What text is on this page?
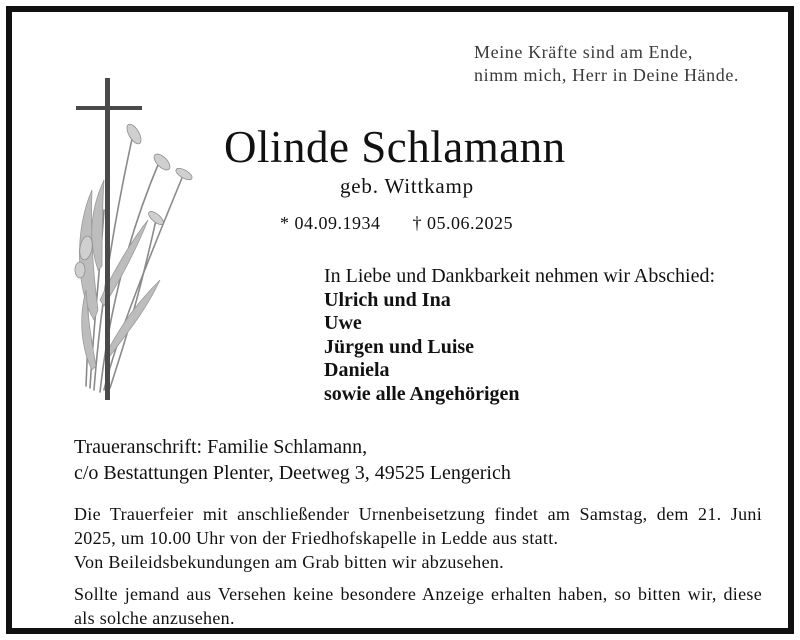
Meine Kräfte sind am Ende,
nimm mich, Herr in Deine Hände.
Olinde Schlamann
geb. Wittkamp
* 04.09.1934 † 05.06.2025
In Liebe und Dankbarkeit nehmen wir Abschied:
Ulrich und Ina
Uwe
Jürgen und Luise
Daniela
sowie alle Angehörigen
Traueranschrift: Familie Schlamann,
c/o Bestattungen Plenter, Deetweg 3, 49525 Lengerich

Die Trauerfeier mit anschließender Urnenbeisetzung findet am Samstag, dem 21. Juni 2025, um 10.00 Uhr von der Friedhofskapelle in Ledde aus statt.

Von Beileidsbekundungen am Grab bitten wir abzusehen.

Sollte jemand aus Versehen keine besondere Anzeige erhalten haben, so bitten wir, diese als solche anzusehen.
